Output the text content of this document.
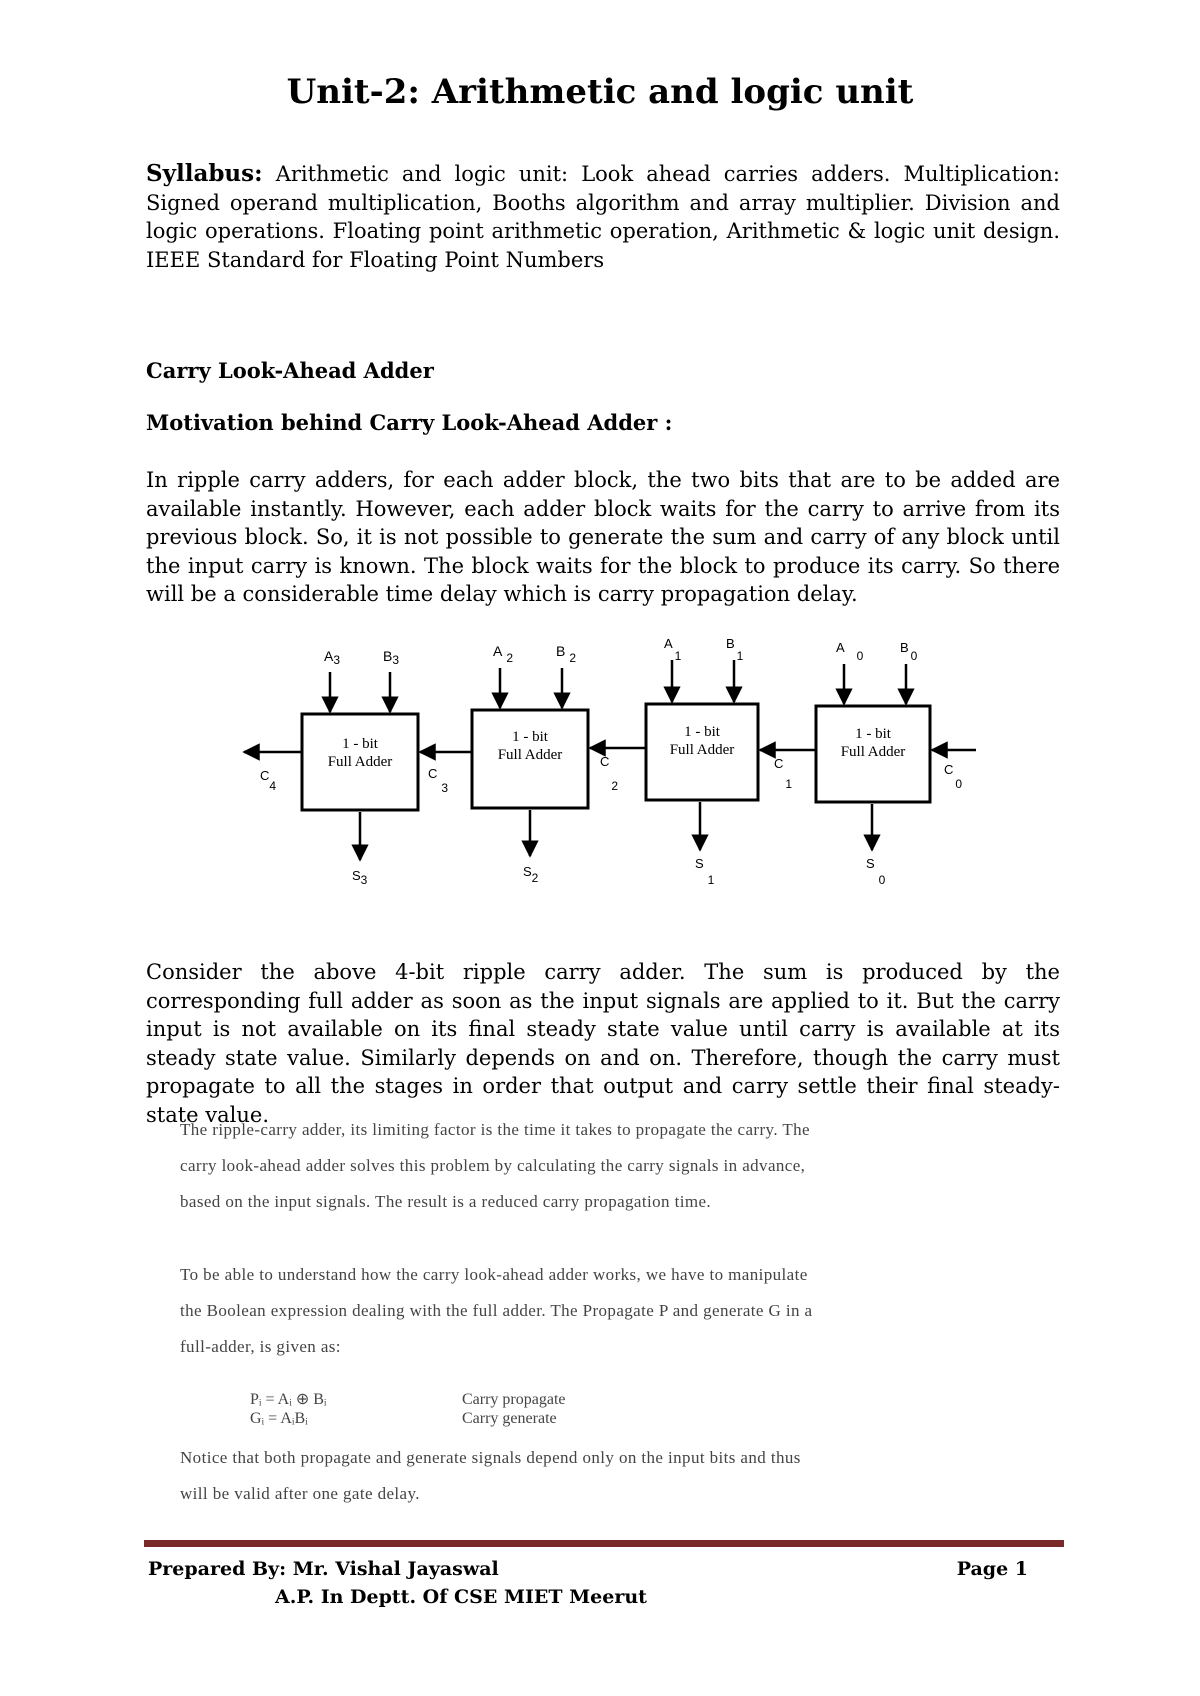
Unit-2: Arithmetic and logic unit

Syllabus: Arithmetic and logic unit: Look ahead carries adders. Multiplication: Signed operand multiplication, Booths algorithm and array multiplier. Division and logic operations. Floating point arithmetic operation, Arithmetic & logic unit design. IEEE Standard for Floating Point Numbers

Carry Look-Ahead Adder
Motivation behind Carry Look-Ahead Adder :

In ripple carry adders, for each adder block, the two bits that are to be added are available instantly. However, each adder block waits for the carry to arrive from its previous block. So, it is not possible to generate the sum and carry of any block until the input carry is known. The block waits for the block to produce its carry. So there will be a considerable time delay which is carry propagation delay.

1 - bit
Full Adder
A3	B3
S3
C4
1 - bit
Full Adder
A 2	B 2
S2
C3
1 - bit
Full Adder
A1
B1
S1
C2
1 - bit
Full Adder
A0
B0
S0
C1
C0

Consider the above 4-bit ripple carry adder. The sum is produced by the corresponding full adder as soon as the input signals are applied to it. But the carry input is not available on its final steady state value until carry is available at its steady state value. Similarly depends on and on. Therefore, though the carry must propagate to all the stages in order that output and carry settle their final steady-state value.

The ripple-carry adder, its limiting factor is the time it takes to propagate the carry. The
carry look-ahead adder solves this problem by calculating the carry signals in advance,
based on the input signals. The result is a reduced carry propagation time.
To be able to understand how the carry look-ahead adder works, we have to manipulate
the Boolean expression dealing with the full adder. The Propagate P and generate G in a
full-adder, is given as:
Pᵢ = Aᵢ ⊕ Bᵢ	Carry propagate
Gᵢ = AᵢBᵢ	Carry generate
Notice that both propagate and generate signals depend only on the input bits and thus
will be valid after one gate delay.
Prepared By: Mr. Vishal Jayaswal	Page 1
A.P. In Deptt. Of CSE MIET Meerut
